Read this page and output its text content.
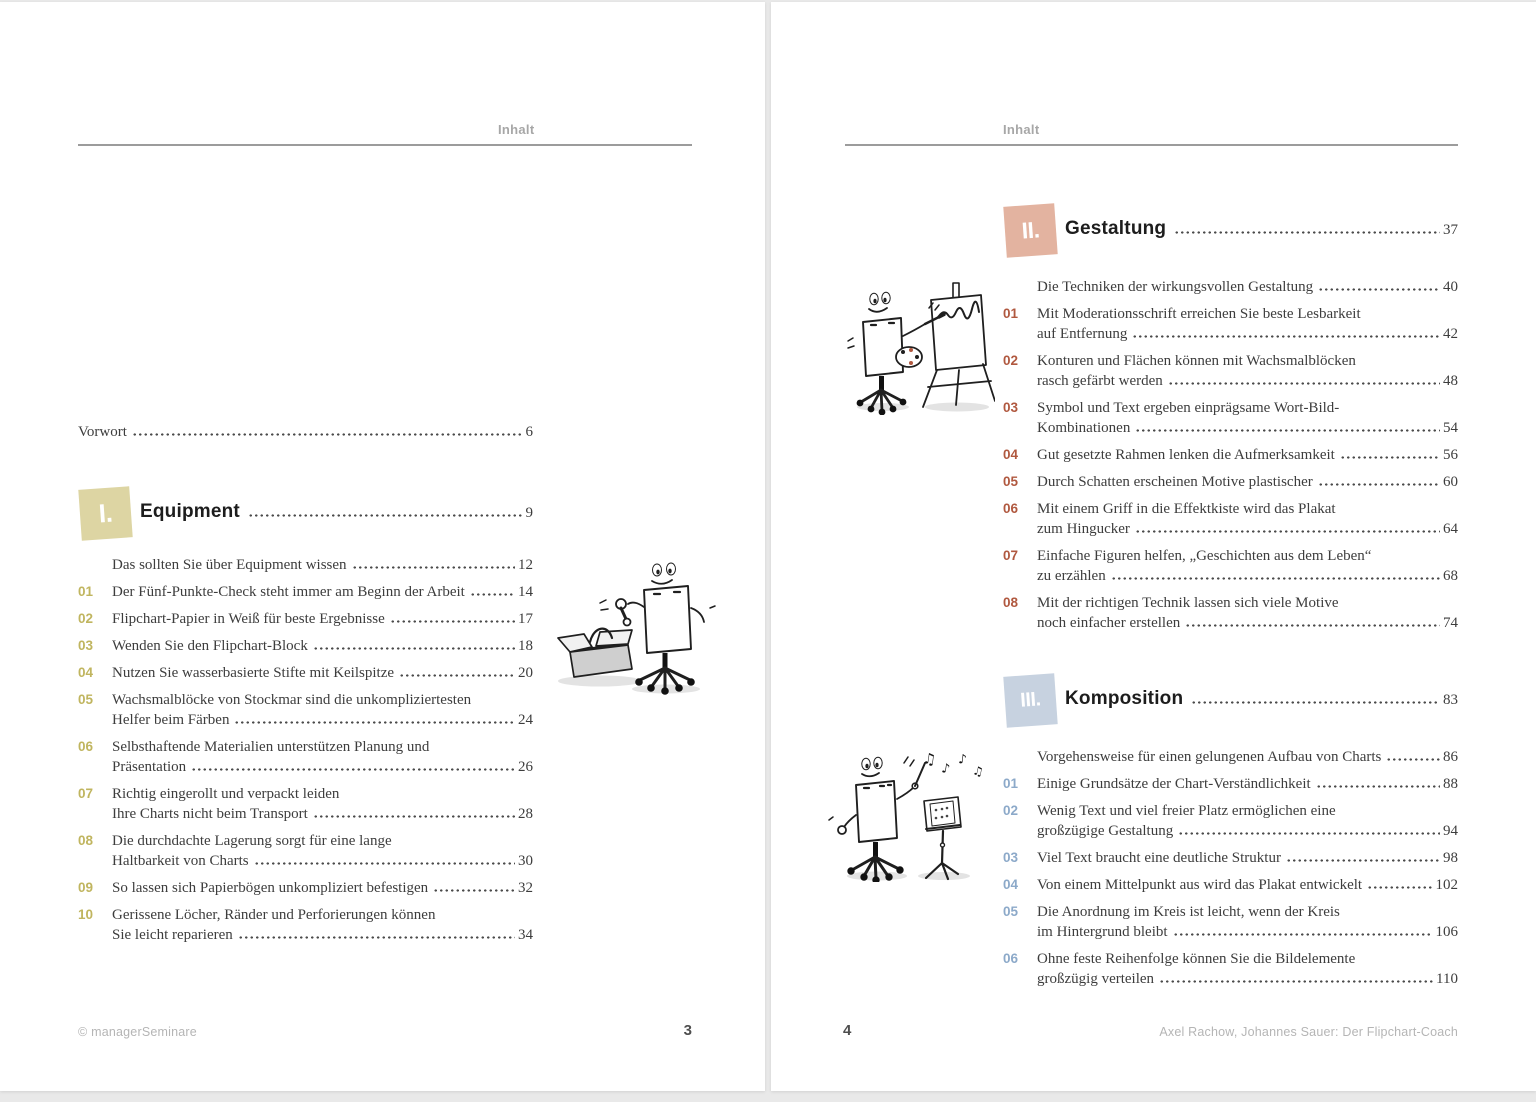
Inhalt
Vorwort	6
I.	Equipment	9
Das sollten Sie über Equipment wissen	12
01	Der Fünf-Punkte-Check steht immer am Beginn der Arbeit	14
02	Flipchart-Papier in Weiß für beste Ergebnisse	17
03	Wenden Sie den Flipchart-Block	18
04	Nutzen Sie wasserbasierte Stifte mit Keilspitze	20
05	Wachsmalblöcke von Stockmar sind die unkompliziertesten
Helfer beim Färben	24
06	Selbsthaftende Materialien unterstützen Planung und
Präsentation	26
07	Richtig eingerollt und verpackt leiden
Ihre Charts nicht beim Transport	28
08	Die durchdachte Lagerung sorgt für eine lange
Haltbarkeit von Charts	30
09	So lassen sich Papierbögen unkompliziert befestigen	32
10	Gerissene Löcher, Ränder und Perforierungen können
Sie leicht reparieren	34
© managerSeminare	3
Inhalt
II.	Gestaltung	37
Die Techniken der wirkungsvollen Gestaltung	40
01	Mit Moderationsschrift erreichen Sie beste Lesbarkeit
auf Entfernung	42
02	Konturen und Flächen können mit Wachsmalblöcken
rasch gefärbt werden	48
03	Symbol und Text ergeben einprägsame Wort-Bild-
Kombinationen	54
04	Gut gesetzte Rahmen lenken die Aufmerksamkeit	56
05	Durch Schatten erscheinen Motive plastischer	60
06	Mit einem Griff in die Effektkiste wird das Plakat
zum Hingucker	64
07	Einfache Figuren helfen, „Geschichten aus dem Leben“
zu erzählen	68
08	Mit der richtigen Technik lassen sich viele Motive
noch einfacher erstellen	74
III.	Komposition	83
Vorgehensweise für einen gelungenen Aufbau von Charts	86
01	Einige Grundsätze der Chart-Verständlichkeit	88
02	Wenig Text und viel freier Platz ermöglichen eine
großzügige Gestaltung	94
03	Viel Text braucht eine deutliche Struktur	98
04	Von einem Mittelpunkt aus wird das Plakat entwickelt	102
05	Die Anordnung im Kreis ist leicht, wenn der Kreis
im Hintergrund bleibt	106
06	Ohne feste Reihenfolge können Sie die Bildelemente
großzügig verteilen	110
♫
♪
♪
♫
4	Axel Rachow, Johannes Sauer: Der Flipchart-Coach
